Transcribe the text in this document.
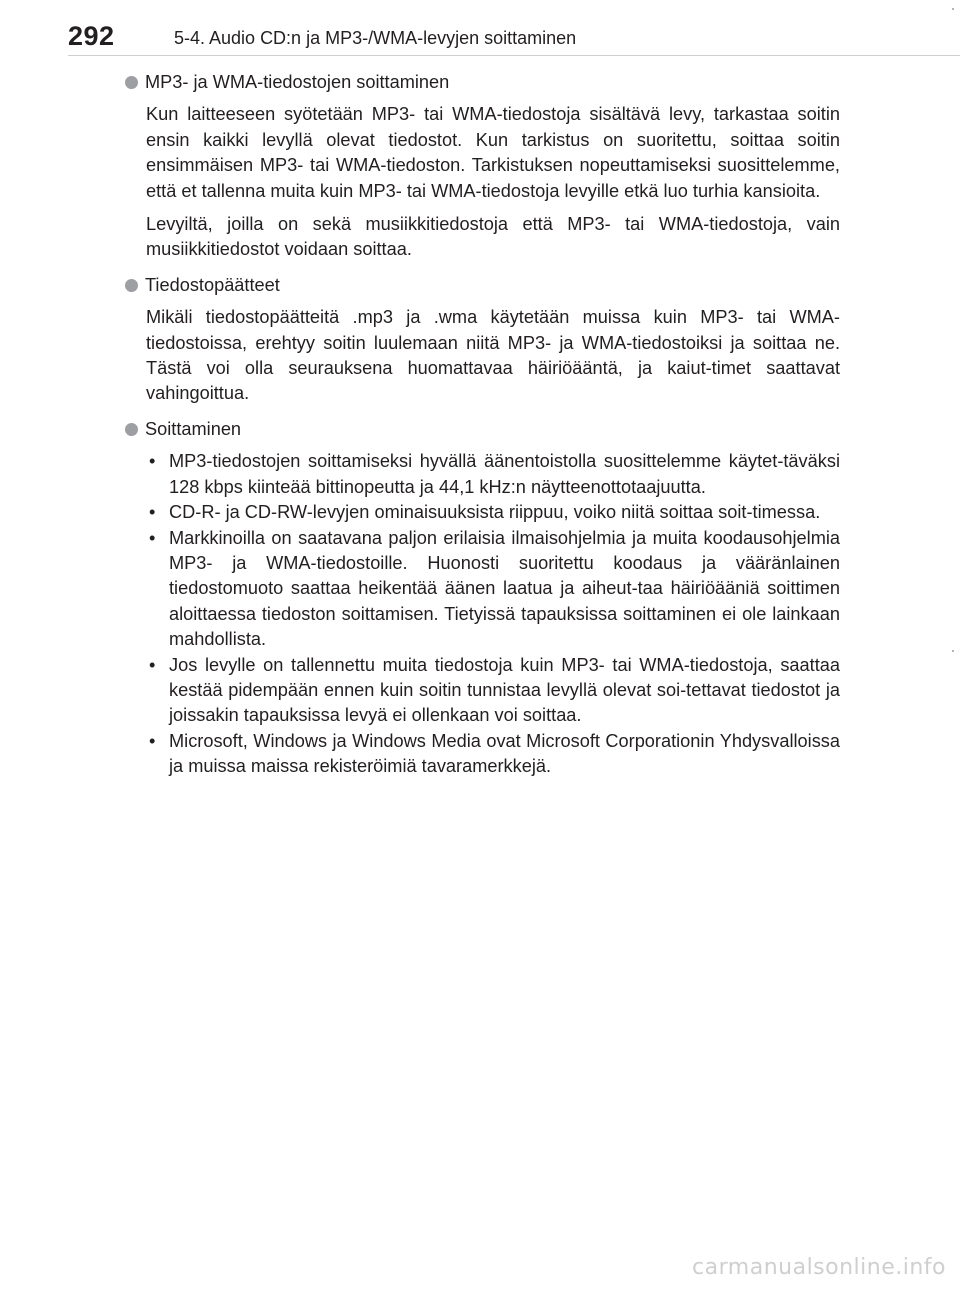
292	5-4. Audio CD:n ja MP3-/WMA-levyjen soittaminen
MP3- ja WMA-tiedostojen soittaminen

Kun laitteeseen syötetään MP3- tai WMA-tiedostoja sisältävä levy, tarkastaa soitin ensin kaikki levyllä olevat tiedostot. Kun tarkistus on suoritettu, soittaa soitin ensimmäisen MP3- tai WMA-tiedoston. Tarkistuksen nopeuttamiseksi suosittelemme, että et tallenna muita kuin MP3- tai WMA-tiedostoja levyille etkä luo turhia kansioita.

Levyiltä, joilla on sekä musiikkitiedostoja että MP3- tai WMA-tiedostoja, vain musiikkitiedostot voidaan soittaa.

Tiedostopäätteet

Mikäli tiedostopäätteitä .mp3 ja .wma käytetään muissa kuin MP3- tai WMA-tiedostoissa, erehtyy soitin luulemaan niitä MP3- ja WMA-tiedostoiksi ja soittaa ne. Tästä voi olla seurauksena huomattavaa häiriöääntä, ja kaiut-timet saattavat vahingoittua.

Soittaminen
• MP3-tiedostojen soittamiseksi hyvällä äänentoistolla suosittelemme käytet-täväksi 128 kbps kiinteää bittinopeutta ja 44,1 kHz:n näytteenottotaajuutta.
• CD-R- ja CD-RW-levyjen ominaisuuksista riippuu, voiko niitä soittaa soit-timessa.
• Markkinoilla on saatavana paljon erilaisia ilmaisohjelmia ja muita koodausohjelmia MP3- ja WMA-tiedostoille. Huonosti suoritettu koodaus ja vääränlainen tiedostomuoto saattaa heikentää äänen laatua ja aiheut-taa häiriöääniä soittimen aloittaessa tiedoston soittamisen. Tietyissä tapauksissa soittaminen ei ole lainkaan mahdollista.
• Jos levylle on tallennettu muita tiedostoja kuin MP3- tai WMA-tiedostoja, saattaa kestää pidempään ennen kuin soitin tunnistaa levyllä olevat soi-tettavat tiedostot ja joissakin tapauksissa levyä ei ollenkaan voi soittaa.
• Microsoft, Windows ja Windows Media ovat Microsoft Corporationin Yhdysvalloissa ja muissa maissa rekisteröimiä tavaramerkkejä.
carmanualsonline.info
